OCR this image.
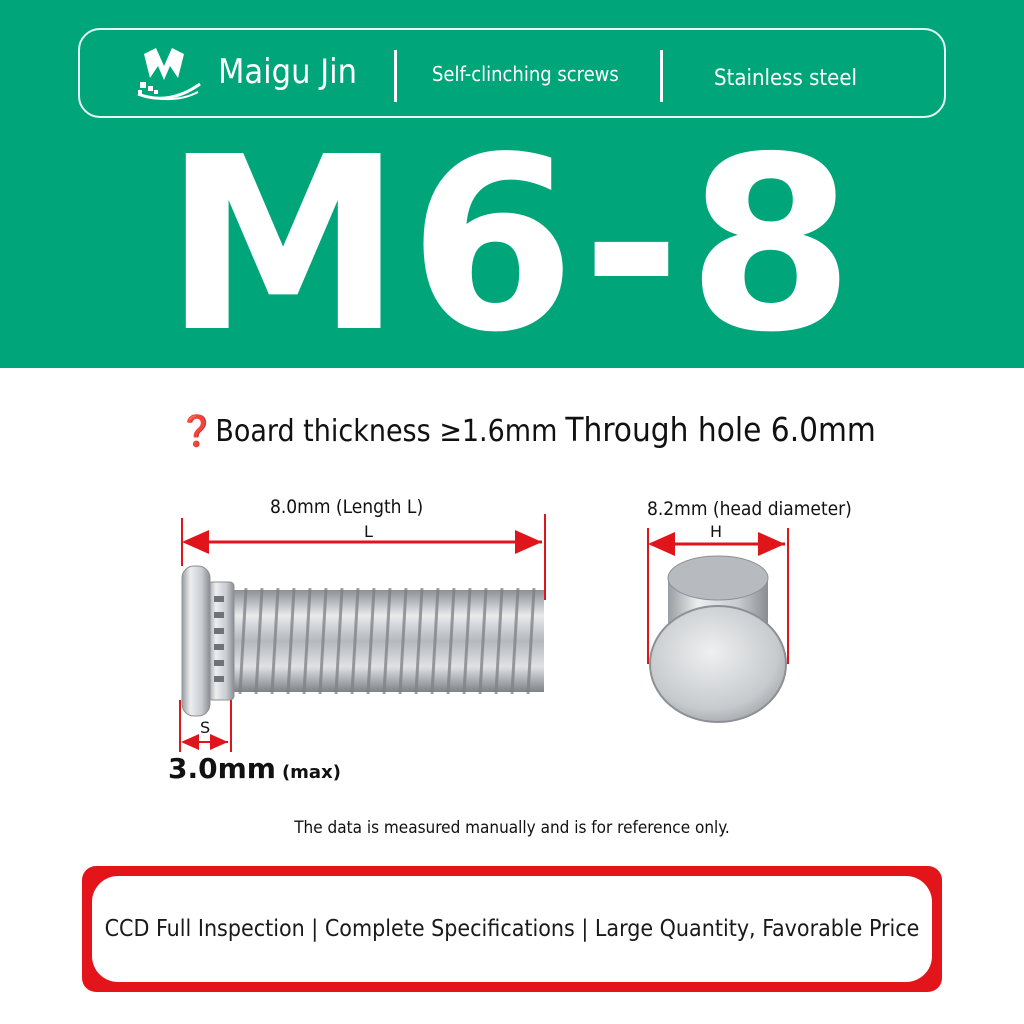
Maigu Jin	Self-clinching screws	Stainless steel
M6-8
❓Board thickness ≥1.6mm Through hole 6.0mm
8.0mm (Length L)
L
8.2mm (head diameter)
H
S
3.0mm (max)
The data is measured manually and is for reference only.
CCD Full Inspection | Complete Specifications | Large Quantity, Favorable Price
